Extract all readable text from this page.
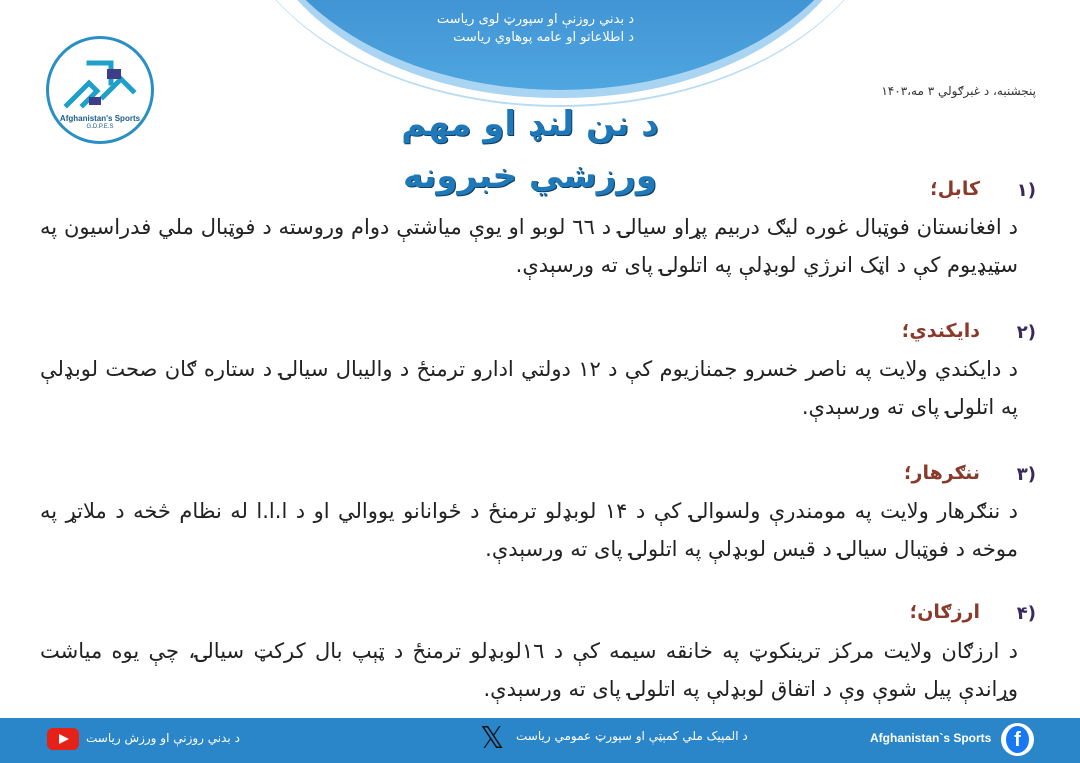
د بدني روزنې او سپورټ لوی ریاست
د اطلاعاتو او عامه پوهاوي ریاست
Afghanistan's Sports
G.D.P.E.S
پنجشنبه، د غبرګولي ۳ مه،۱۴۰۳
د نن لنډ او مهم
ورزشي خبرونه	۱)
کابل؛
د افغانستان فوټبال غوره لیګ دربیم پړاو سیالۍ د ٦٦ لوبو او یوې میاشتې دوام وروسته د فوټبال ملي فدراسیون په سټیډیوم کې د اټک انرژي لوبډلې په اتلولۍ پای ته ورسېدې.
۲)
دایکندي؛
د دایکندي ولایت په ناصر خسرو جمنازیوم کې د ۱۲ دولتي ادارو ترمنځ د والیبال سیالۍ د ستاره ګان صحت لوبډلې په اتلولۍ پای ته ورسېدې.
۳)
ننګرهار؛
د ننګرهار ولایت په مومندرې ولسوالۍ کې د ۱۴ لوبډلو ترمنځ د ځوانانو یووالي او د ا.ا.ا له نظام څخه د ملاتړ په موخه د فوټبال سیالۍ د قیس لوبډلې په اتلولۍ پای ته ورسېدې.
۴)
ارزګان؛
د ارزګان ولایت مرکز ترینکوټ په خانقه سیمه کې د ۱٦لوبډلو ترمنځ د ټېپ بال کرکټ سیالۍ، چې یوه میاشت وړاندې پیل شوې وې د اتفاق لوبډلې په اتلولۍ پای ته ورسېدې.
د بدني روزنې او ورزش ریاست	𝕏 د المپیک ملي کمېټې او سپورټ عمومي ریاست	Afghanistan`s Sports	f
